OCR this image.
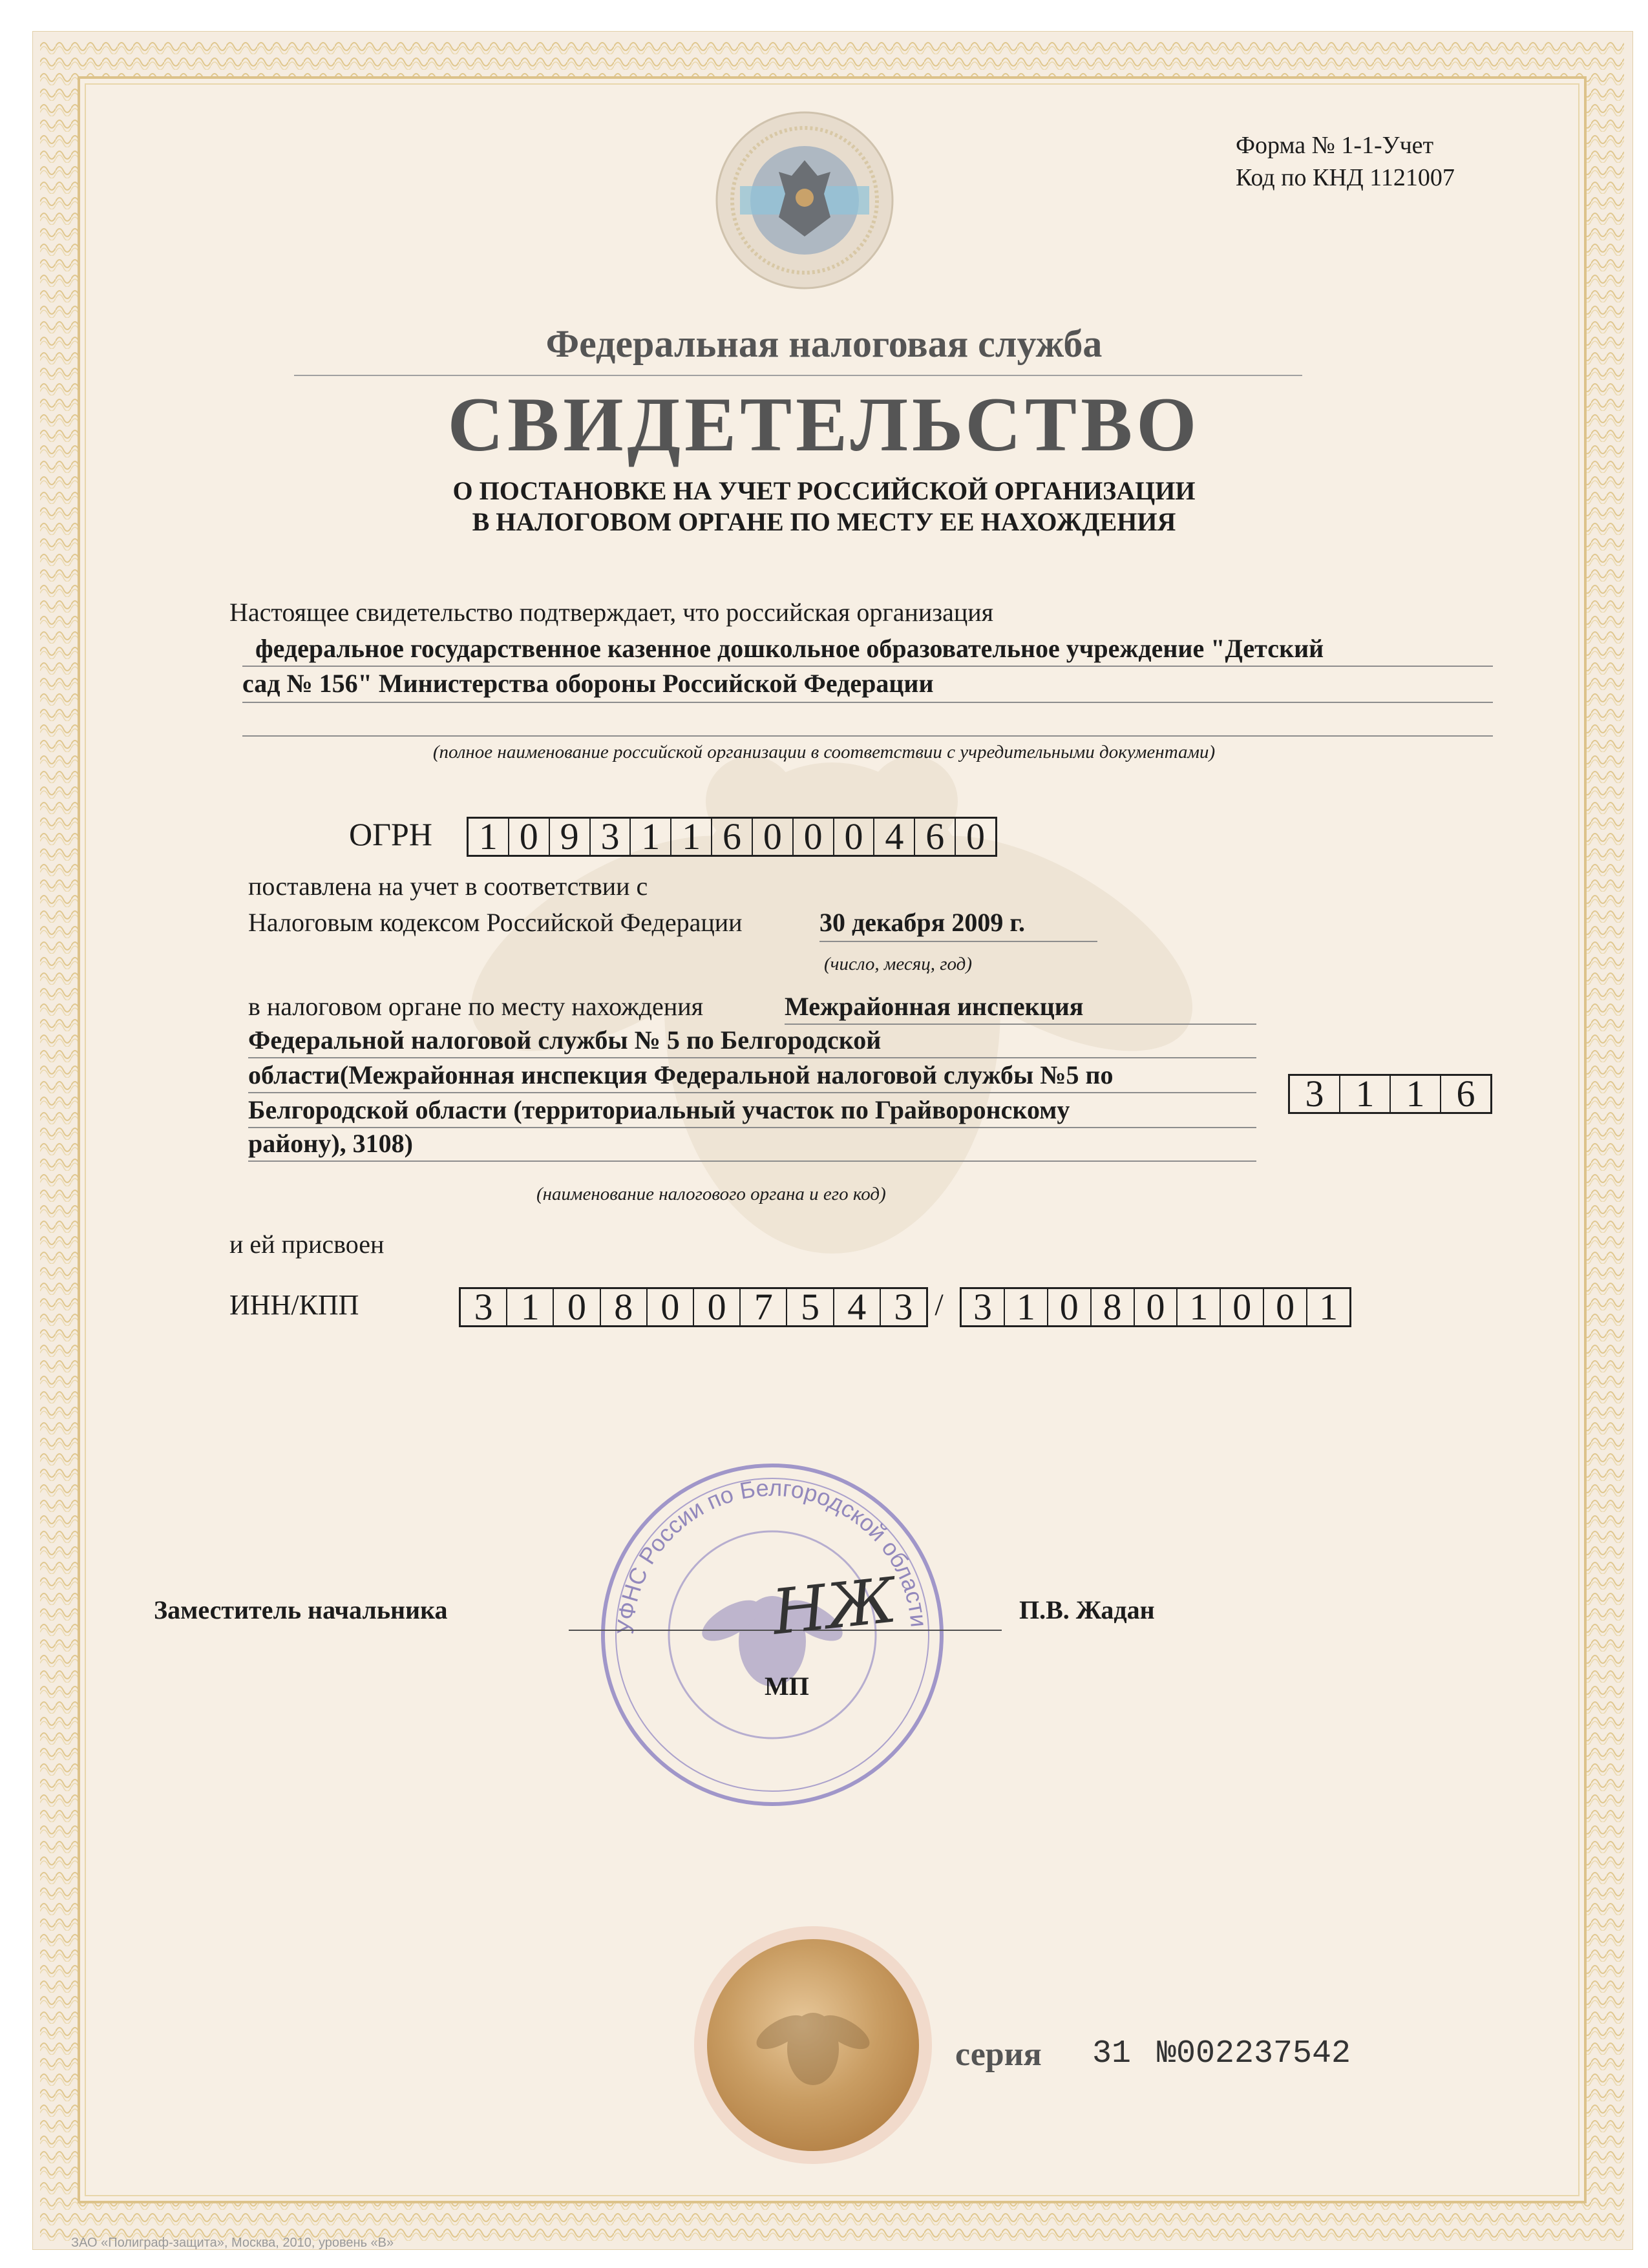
Форма № 1-1-Учет
Код по КНД 1121007
Федеральная налоговая служба
СВИДЕТЕЛЬСТВО
О ПОСТАНОВКЕ НА УЧЕТ РОССИЙСКОЙ ОРГАНИЗАЦИИ
В НАЛОГОВОМ ОРГАНЕ ПО МЕСТУ ЕЕ НАХОЖДЕНИЯ
Настоящее свидетельство подтверждает, что российская организация
федеральное государственное казенное дошкольное образовательное учреждение "Детский
сад № 156" Министерства обороны Российской Федерации
(полное наименование российской организации в соответствии с учредительными документами)
ОГРН 1 0 9 3 1 1 6 0 0 0 4 6 0
поставлена на учет в соответствии с
Налоговым кодексом Российской Федерации	30 декабря 2009 г.
(число, месяц, год)
в налоговом органе по месту нахождения	Межрайонная инспекция
Федеральной налоговой службы № 5 по Белгородской
области(Межрайонная инспекция Федеральной налоговой службы №5 по
Белгородской области (территориальный участок по Грайворонскому
району), 3108)
3 1 1 6
(наименование налогового органа и его код)
и ей присвоен
ИНН/КПП	3 1 0 8 0 0 7 5 4 3 / 3 1 0 8 0 1 0 0 1
УФНС России по Белгородской области
Заместитель начальника	НЖ	П.В. Жадан
МП
серия 31 №002237542
ЗАО «Полиграф-защита», Москва, 2010, уровень «В»
